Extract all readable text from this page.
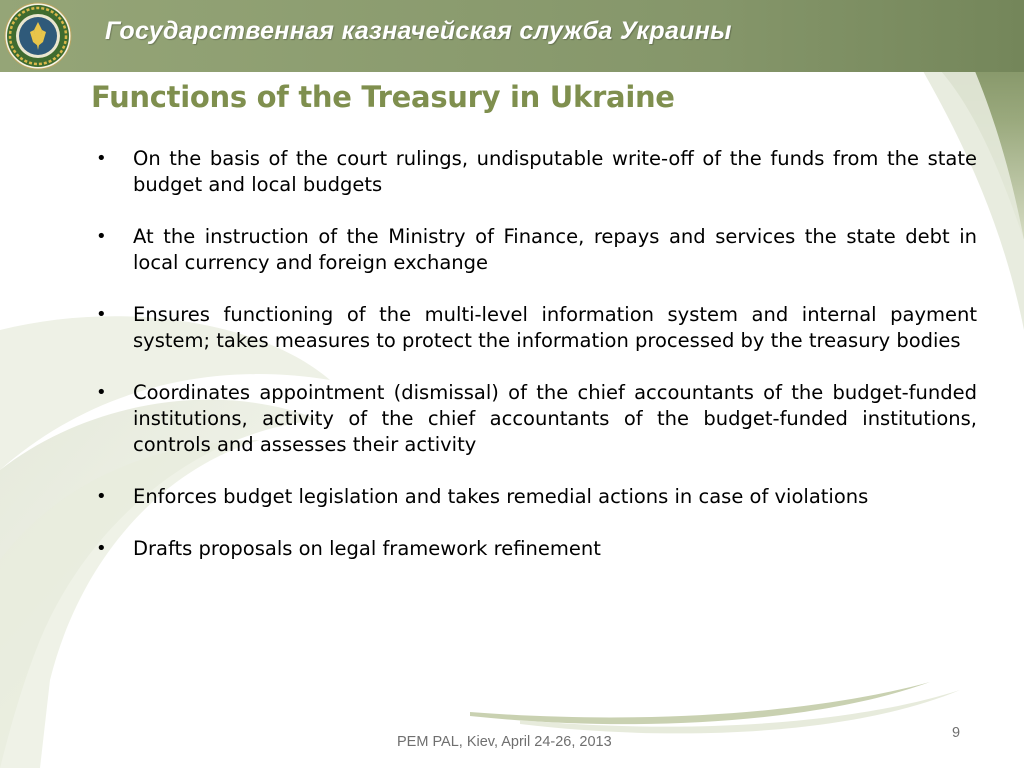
Государственная казначейская служба Украины
Functions of the Treasury in Ukraine
• On the basis of the court rulings, undisputable write-off of the funds from the state budget and local budgets
• At the instruction of the Ministry of Finance, repays and services the state debt in local currency and foreign exchange
• Ensures functioning of the multi-level information system and internal payment system; takes measures to protect the information processed by the treasury bodies
• Coordinates appointment (dismissal) of the chief accountants of the budget-funded institutions, activity of the chief accountants of the budget-funded institutions, controls and assesses their activity
• Enforces budget legislation and takes remedial actions in case of violations
• Drafts proposals on legal framework refinement
PEM PAL, Kiev, April 24-26, 2013
9
